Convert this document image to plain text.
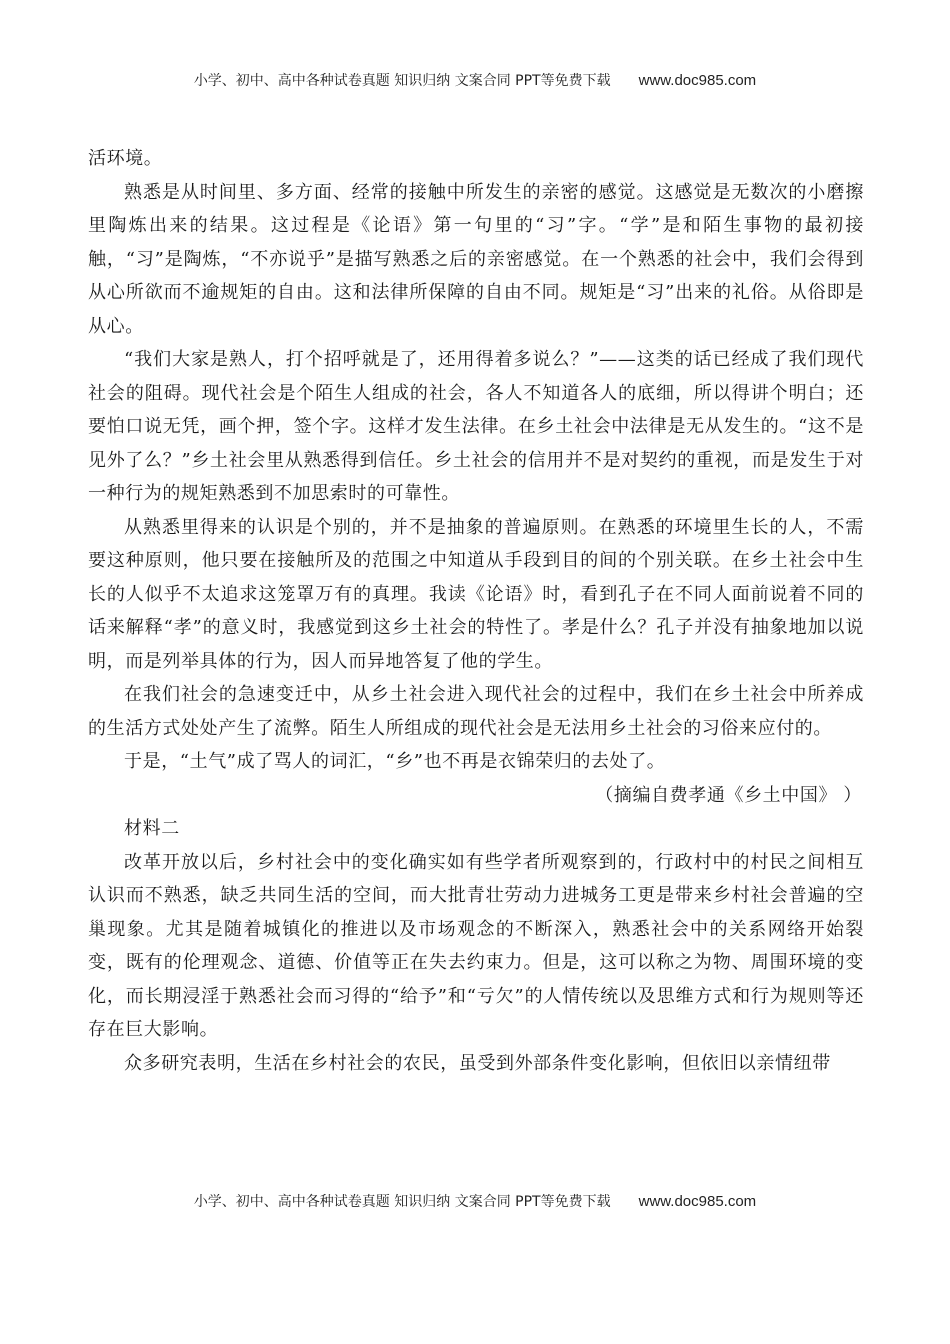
小学、初中、高中各种试卷真题 知识归纳 文案合同 PPT等免费下载 www.doc985.com

活环境。

熟悉是从时间里、多方面、经常的接触中所发生的亲密的感觉。这感觉是无数次的小磨擦里陶炼出来的结果。这过程是《论语》第一句里的“习”字。“学”是和陌生事物的最初接触，“习”是陶炼，“不亦说乎”是描写熟悉之后的亲密感觉。在一个熟悉的社会中，我们会得到从心所欲而不逾规矩的自由。这和法律所保障的自由不同。规矩是“习”出来的礼俗。从俗即是从心。

“我们大家是熟人，打个招呼就是了，还用得着多说么？”——这类的话已经成了我们现代社会的阻碍。现代社会是个陌生人组成的社会，各人不知道各人的底细，所以得讲个明白；还要怕口说无凭，画个押，签个字。这样才发生法律。在乡土社会中法律是无从发生的。“这不是见外了么？”乡土社会里从熟悉得到信任。乡土社会的信用并不是对契约的重视，而是发生于对一种行为的规矩熟悉到不加思索时的可靠性。

从熟悉里得来的认识是个别的，并不是抽象的普遍原则。在熟悉的环境里生长的人，不需要这种原则，他只要在接触所及的范围之中知道从手段到目的间的个别关联。在乡土社会中生长的人似乎不太追求这笼罩万有的真理。我读《论语》时，看到孔子在不同人面前说着不同的话来解释“孝”的意义时，我感觉到这乡土社会的特性了。孝是什么？孔子并没有抽象地加以说明，而是列举具体的行为，因人而异地答复了他的学生。

在我们社会的急速变迁中，从乡土社会进入现代社会的过程中，我们在乡土社会中所养成的生活方式处处产生了流弊。陌生人所组成的现代社会是无法用乡土社会的习俗来应付的。

于是，“土气”成了骂人的词汇，“乡”也不再是衣锦荣归的去处了。

（摘编自费孝通《乡土中国》 ）

材料二

改革开放以后，乡村社会中的变化确实如有些学者所观察到的，行政村中的村民之间相互认识而不熟悉，缺乏共同生活的空间，而大批青壮劳动力进城务工更是带来乡村社会普遍的空巢现象。尤其是随着城镇化的推进以及市场观念的不断深入，熟悉社会中的关系网络开始裂变，既有的伦理观念、道德、价值等正在失去约束力。但是，这可以称之为物、周围环境的变化，而长期浸淫于熟悉社会而习得的“给予”和“亏欠”的人情传统以及思维方式和行为规则等还存在巨大影响。

众多研究表明，生活在乡村社会的农民，虽受到外部条件变化影响，但依旧以亲情纽带

小学、初中、高中各种试卷真题 知识归纳 文案合同 PPT等免费下载 www.doc985.com
